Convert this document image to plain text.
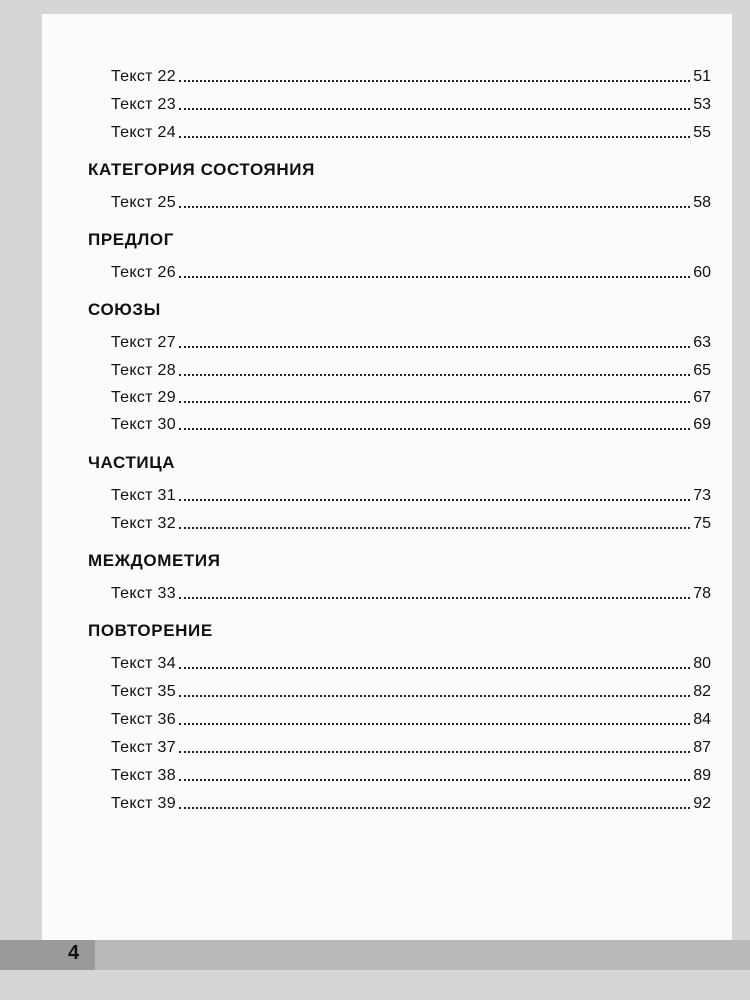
Текст 22	51
Текст 23	53
Текст 24	55
КАТЕГОРИЯ СОСТОЯНИЯ
Текст 25	58
ПРЕДЛОГ
Текст 26	60
СОЮЗЫ
Текст 27	63
Текст 28	65
Текст 29	67
Текст 30	69
ЧАСТИЦА
Текст 31	73
Текст 32	75
МЕЖДОМЕТИЯ
Текст 33	78
ПОВТОРЕНИЕ
Текст 34	80
Текст 35	82
Текст 36	84
Текст 37	87
Текст 38	89
Текст 39	92
4
